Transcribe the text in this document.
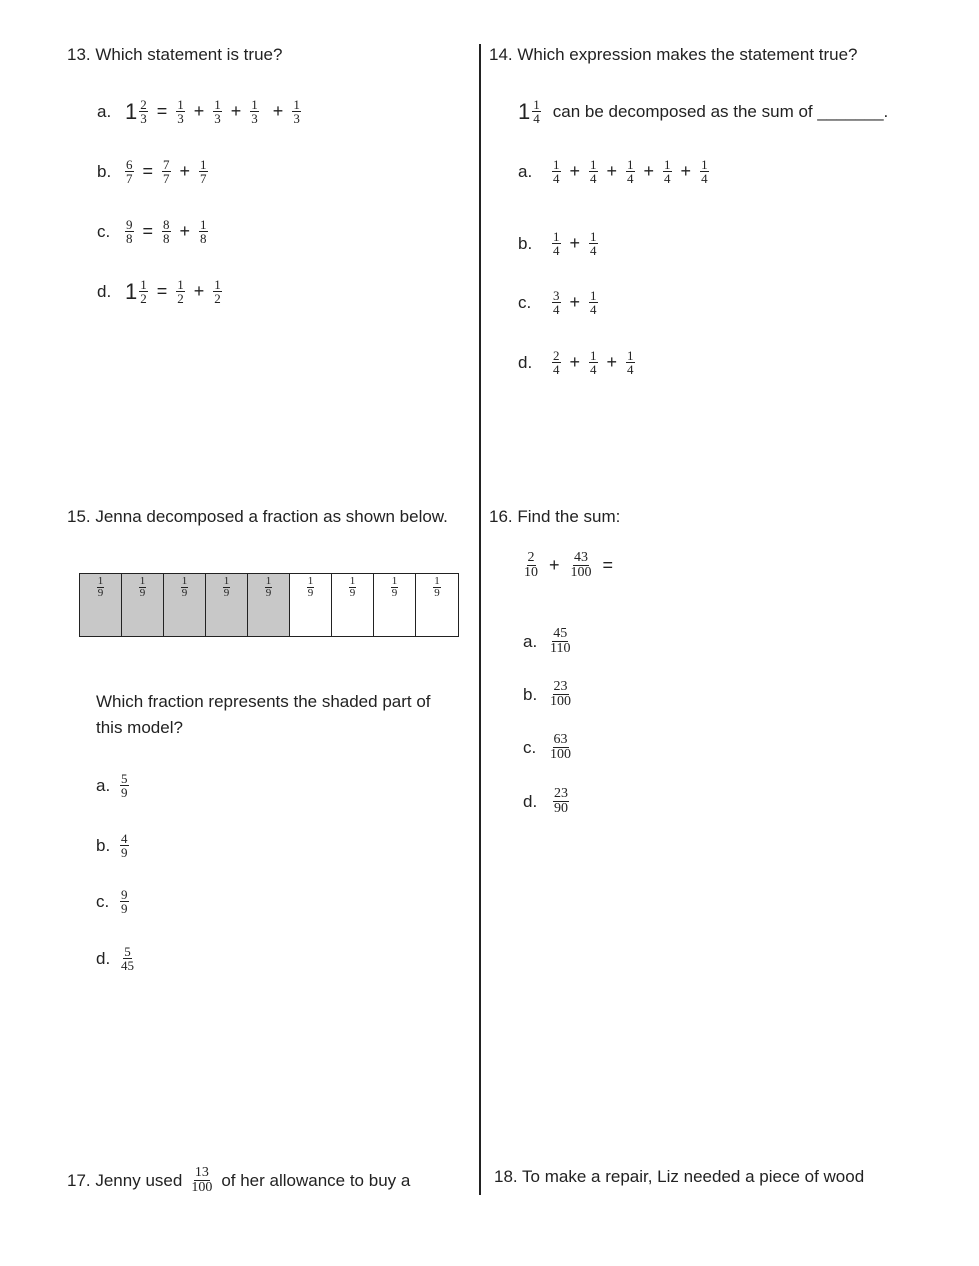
13. Which statement is true?
a. $1 \frac{2}{3} = \frac{1}{3} + \frac{1}{3} + \frac{1}{3} + \frac{1}{3}$
b.	$\frac{6}{7} = \frac{7}{7} + \frac{1}{7}$
c.	$\frac{9}{8} = \frac{8}{8} + \frac{1}{8}$
d. $1 \frac{1}{2} = \frac{1}{2} + \frac{1}{2}$
14. Which expression makes the statement true?
$1 \frac{1}{4}$ can be decomposed as the sum of _______.
a.	$\frac{1}{4} + \frac{1}{4} + \frac{1}{4} + \frac{1}{4} + \frac{1}{4}$
b.	$\frac{1}{4} + \frac{1}{4}$
c.	$\frac{3}{4} + \frac{1}{4}$
d.	$\frac{2}{4} + \frac{1}{4} + \frac{1}{4}$
15. Jenna decomposed a fraction as shown below.
$\frac{1}{9}$	$\frac{1}{9}$	$\frac{1}{9}$	$\frac{1}{9}$	$\frac{1}{9}$	$\frac{1}{9}$	$\frac{1}{9}$	$\frac{1}{9}$	$\frac{1}{9}$
Which fraction represents the shaded part of this model?
a. $\frac{5}{9}$
b. $\frac{4}{9}$
c. $\frac{9}{9}$
d. $\frac{5}{45}$
16. Find the sum:
$\frac{2}{10} + \frac{43}{100}$ =
a. $\frac{45}{110}$
b. $\frac{23}{100}$
c. $\frac{63}{100}$
d.	$\frac{23}{90}$
17. Jenny used $\frac{13}{100}$ of her allowance to buy a	18. To make a repair, Liz needed a piece of wood
